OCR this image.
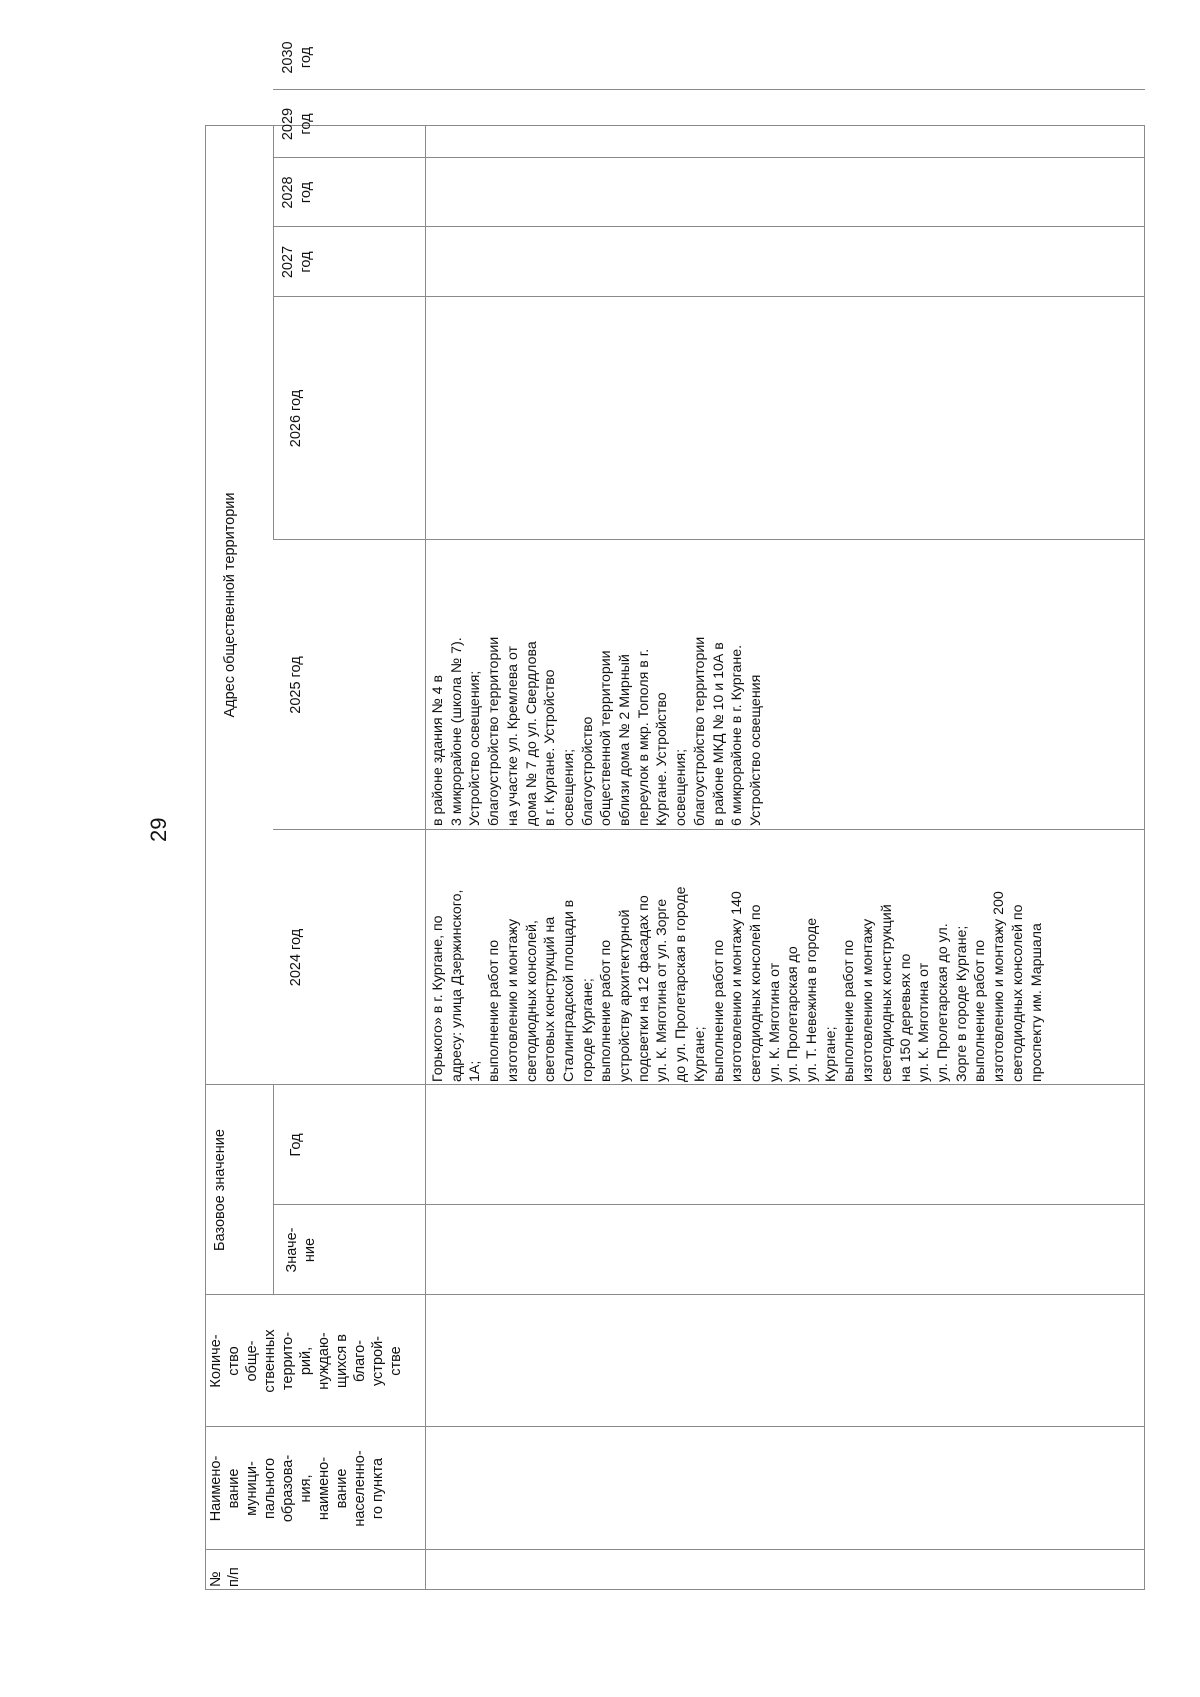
29
№
п/п
Наимено-
вание
муници-
пального
образова-
ния,
наимено-
вание
населенно-
го пункта
Количе-
ство
обще-
ственных
террито-
рий,
нуждаю-
щихся в
благо-
устрой-
стве
Базовое значение	Значе-
ние
Год
Адрес общественной территории
2024 год
2025 год
2026 год
2027
год
2028
год
2029
год
2030
год
Горького» в г. Кургане, по
адресу: улица Дзержинского,
1А;
выполнение работ по
изготовлению и монтажу
светодиодных консолей,
световых конструкций на
Сталинградской площади в
городе Кургане;
выполнение работ по
устройству архитектурной
подсветки на 12 фасадах по
ул. К. Мяготина от ул. Зорге
до ул. Пролетарская в городе
Кургане;
выполнение работ по
изготовлению и монтажу 140
светодиодных консолей по
ул. К. Мяготина от
ул. Пролетарская до
ул. Т. Невежина в городе
Кургане;
выполнение работ по
изготовлению и монтажу
светодиодных конструкций
на 150 деревьях по
ул. К. Мяготина от
ул. Пролетарская до ул.
Зорге в городе Кургане;
выполнение работ по
изготовлению и монтажу 200
светодиодных консолей по
проспекту им. Маршала
в районе здания № 4 в
3 микрорайоне (школа № 7).
Устройство освещения;
благоустройство территории
на участке ул. Кремлева от
дома № 7 до ул. Свердлова
в г. Кургане. Устройство
освещения;
благоустройство
общественной территории
вблизи дома № 2 Мирный
переулок в мкр. Тополя в г.
Кургане. Устройство
освещения;
благоустройство территории
в районе МКД № 10 и 10А в
6 микрорайоне в г. Кургане.
Устройство освещения
